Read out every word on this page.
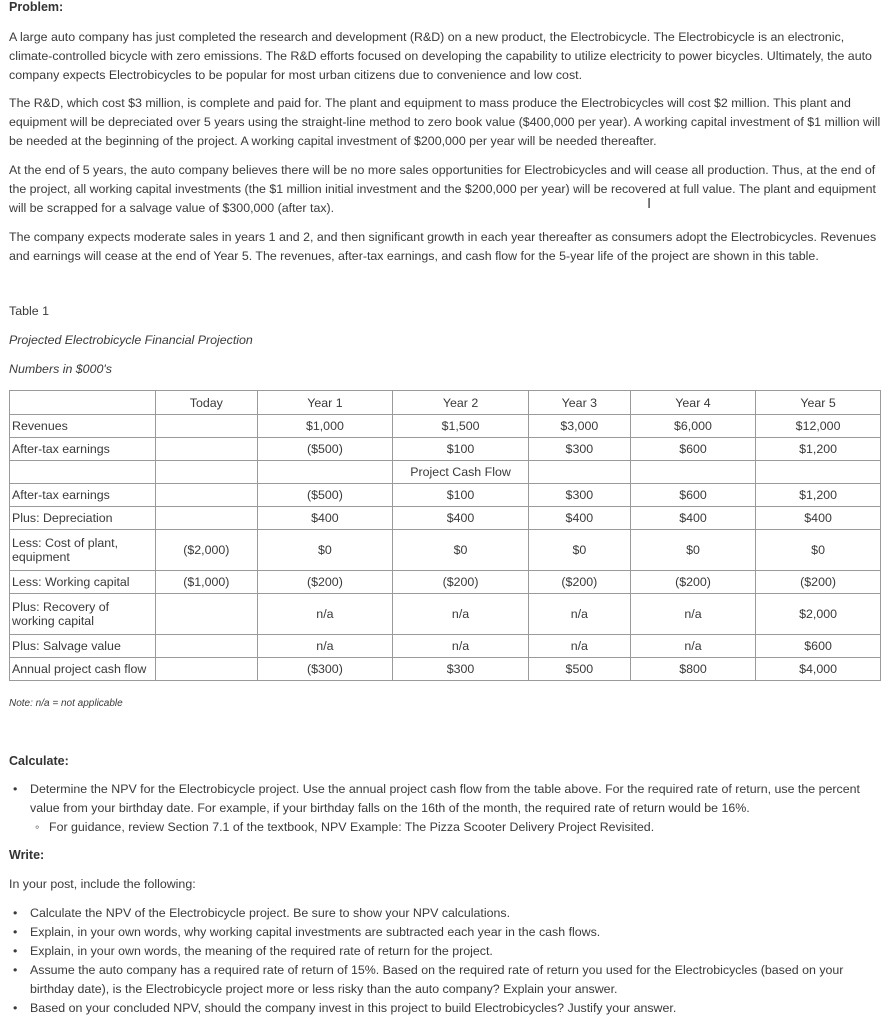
Problem:

A large auto company has just completed the research and development (R&D) on a new product, the Electrobicycle. The Electrobicycle is an electronic, climate-controlled bicycle with zero emissions. The R&D efforts focused on developing the capability to utilize electricity to power bicycles. Ultimately, the auto company expects Electrobicycles to be popular for most urban citizens due to convenience and low cost.

The R&D, which cost $3 million, is complete and paid for. The plant and equipment to mass produce the Electrobicycles will cost $2 million. This plant and equipment will be depreciated over 5 years using the straight-line method to zero book value ($400,000 per year). A working capital investment of $1 million will be needed at the beginning of the project. A working capital investment of $200,000 per year will be needed thereafter.

At the end of 5 years, the auto company believes there will be no more sales opportunities for Electrobicycles and will cease all production. Thus, at the end of the project, all working capital investments (the $1 million initial investment and the $200,000 per year) will be recovered at full value. The plant and equipment will be scrapped for a salvage value of $300,000 (after tax).	I

The company expects moderate sales in years 1 and 2, and then significant growth in each year thereafter as consumers adopt the Electrobicycles. Revenues and earnings will cease at the end of Year 5. The revenues, after-tax earnings, and cash flow for the 5-year life of the project are shown in this table.

Table 1
Projected Electrobicycle Financial Projection
Numbers in $000's
	Today	Year 1	Year 2	Year 3	Year 4	Year 5
Revenues		$1,000	$1,500	$3,000	$6,000	$12,000
After-tax earnings		($500)	$100	$300	$600	$1,200
			Project Cash Flow			
After-tax earnings		($500)	$100	$300	$600	$1,200
Plus: Depreciation		$400	$400	$400	$400	$400
Less: Cost of plant, equipment	($2,000)	$0	$0	$0	$0	$0
Less: Working capital	($1,000)	($200)	($200)	($200)	($200)	($200)
Plus: Recovery of working capital		n/a	n/a	n/a	n/a	$2,000
Plus: Salvage value		n/a	n/a	n/a	n/a	$600
Annual project cash flow		($300)	$300	$500	$800	$4,000
Note: n/a = not applicable
Calculate:
• Determine the NPV for the Electrobicycle project. Use the annual project cash flow from the table above. For the required rate of return, use the percent value from your birthday date. For example, if your birthday falls on the 16th of the month, the required rate of return would be 16%.
◦ For guidance, review Section 7.1 of the textbook, NPV Example: The Pizza Scooter Delivery Project Revisited.
Write:
In your post, include the following:
• Calculate the NPV of the Electrobicycle project. Be sure to show your NPV calculations.
• Explain, in your own words, why working capital investments are subtracted each year in the cash flows.
• Explain, in your own words, the meaning of the required rate of return for the project.
• Assume the auto company has a required rate of return of 15%. Based on the required rate of return you used for the Electrobicycles (based on your birthday date), is the Electrobicycle project more or less risky than the auto company? Explain your answer.
• Based on your concluded NPV, should the company invest in this project to build Electrobicycles? Justify your answer.
